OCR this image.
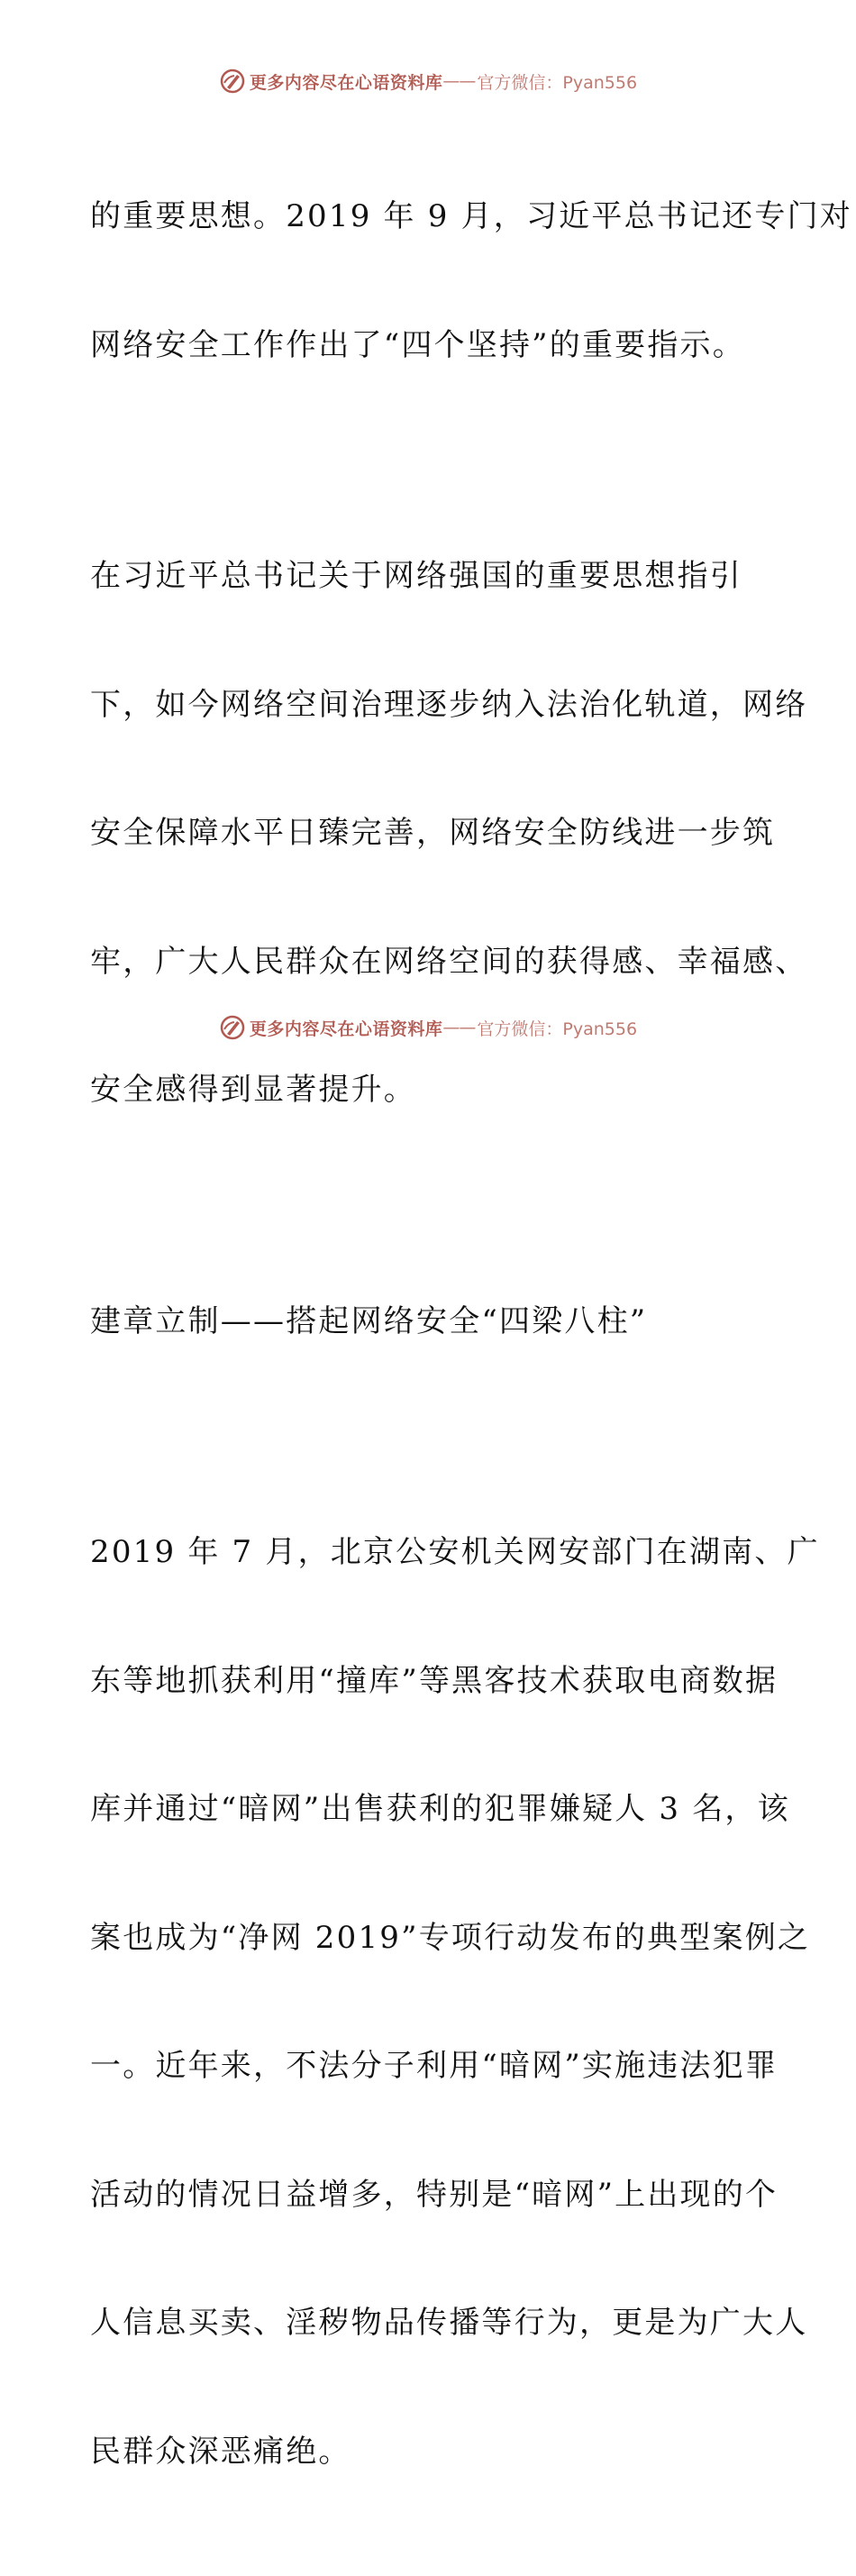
更多内容尽在心语资料库 —— 官方微信：Pyan556

的重要思想。2019 年 9 月，习近平总书记还专门对

网络安全工作作出了“四个坚持”的重要指示。

在习近平总书记关于网络强国的重要思想指引

下，如今网络空间治理逐步纳入法治化轨道，网络

安全保障水平日臻完善，网络安全防线进一步筑

牢，广大人民群众在网络空间的获得感、幸福感、

安全感得到显著提升。

建章立制——搭起网络安全“四梁八柱”

2019 年 7 月，北京公安机关网安部门在湖南、广

东等地抓获利用“撞库”等黑客技术获取电商数据

库并通过“暗网”出售获利的犯罪嫌疑人 3 名，该

案也成为“净网 2019”专项行动发布的典型案例之

一。近年来，不法分子利用“暗网”实施违法犯罪

活动的情况日益增多，特别是“暗网”上出现的个

人信息买卖、淫秽物品传播等行为，更是为广大人

民群众深恶痛绝。

更多内容尽在心语资料库 —— 官方微信：Pyan556
